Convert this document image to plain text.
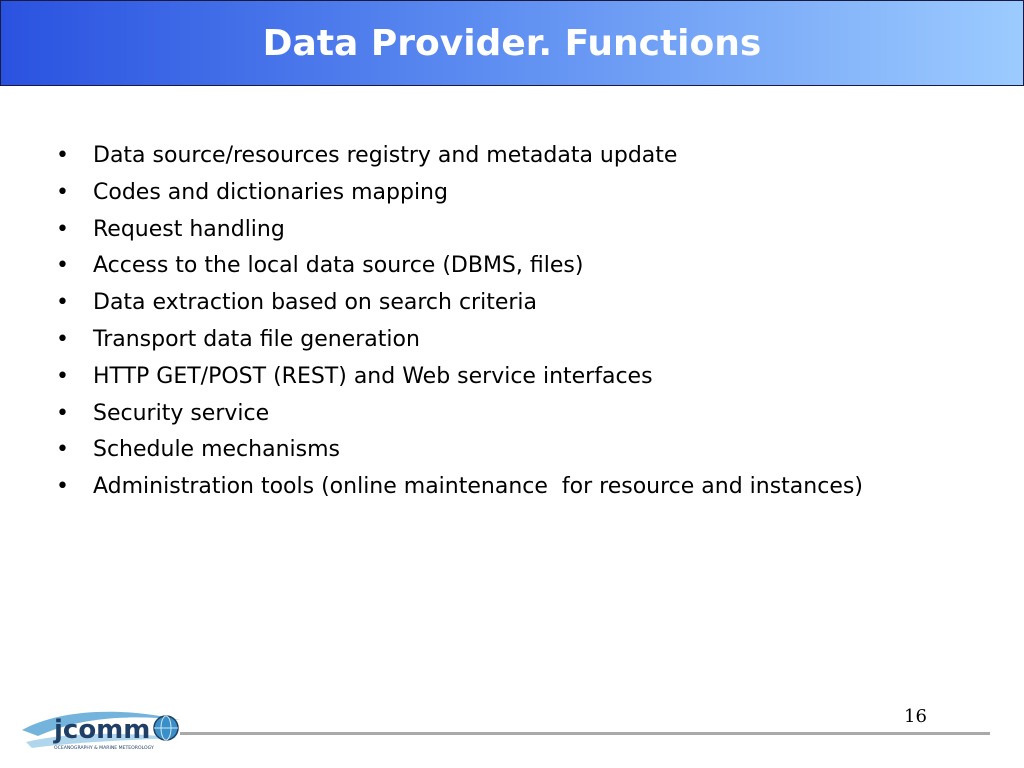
Data Provider. Functions
• Data source/resources registry and metadata update
• Codes and dictionaries mapping
• Request handling
• Access to the local data source (DBMS, files)
• Data extraction based on search criteria
• Transport data file generation
• HTTP GET/POST (REST) and Web service interfaces
• Security service
• Schedule mechanisms
• Administration tools (online maintenance  for resource and instances)
jcomm
OCEANOGRAPHY & MARINE METEOROLOGY
16
